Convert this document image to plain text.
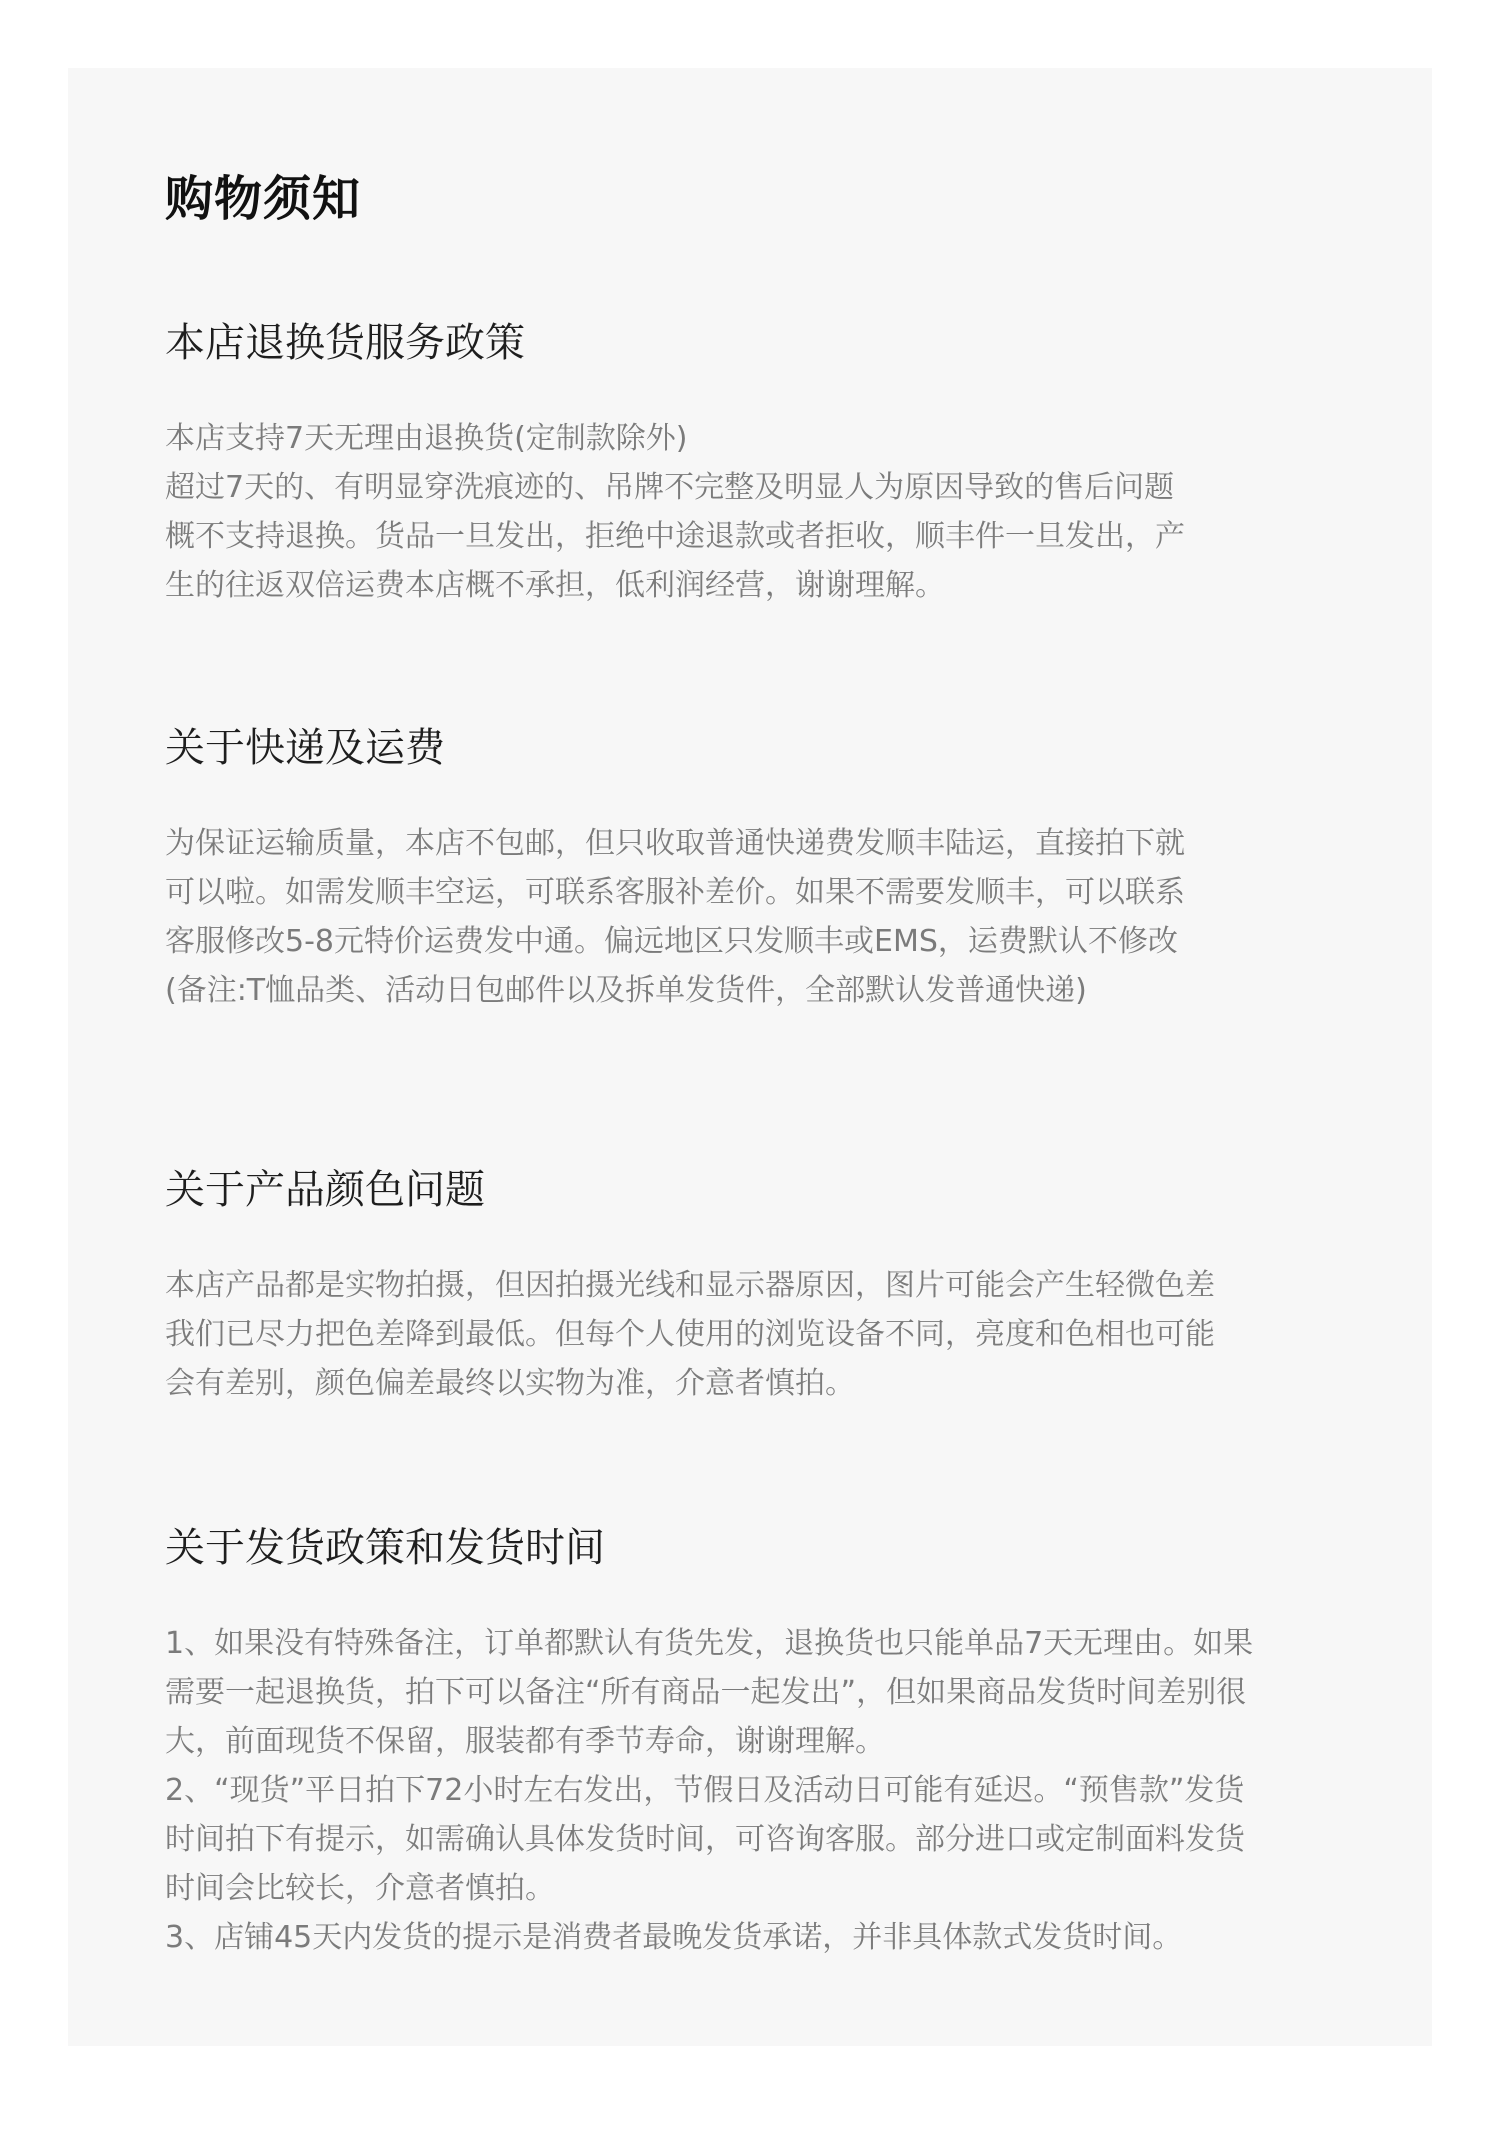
购物须知
本店退换货服务政策
本店支持7天无理由退换货(定制款除外)
超过7天的、有明显穿洗痕迹的、吊牌不完整及明显人为原因导致的售后问题
概不支持退换。货品一旦发出，拒绝中途退款或者拒收，顺丰件一旦发出，产
生的往返双倍运费本店概不承担，低利润经营，谢谢理解。
关于快递及运费
为保证运输质量，本店不包邮，但只收取普通快递费发顺丰陆运，直接拍下就
可以啦。如需发顺丰空运，可联系客服补差价。如果不需要发顺丰，可以联系
客服修改5-8元特价运费发中通。偏远地区只发顺丰或EMS，运费默认不修改
(备注:T恤品类、活动日包邮件以及拆单发货件，全部默认发普通快递)
关于产品颜色问题
本店产品都是实物拍摄，但因拍摄光线和显示器原因，图片可能会产生轻微色差
我们已尽力把色差降到最低。但每个人使用的浏览设备不同，亮度和色相也可能
会有差别，颜色偏差最终以实物为准，介意者慎拍。
关于发货政策和发货时间
1、如果没有特殊备注，订单都默认有货先发，退换货也只能单品7天无理由。如果
需要一起退换货，拍下可以备注“所有商品一起发出”，但如果商品发货时间差别很
大，前面现货不保留，服装都有季节寿命，谢谢理解。
2、“现货”平日拍下72小时左右发出，节假日及活动日可能有延迟。“预售款”发货
时间拍下有提示，如需确认具体发货时间，可咨询客服。部分进口或定制面料发货
时间会比较长，介意者慎拍。
3、店铺45天内发货的提示是消费者最晚发货承诺，并非具体款式发货时间。
